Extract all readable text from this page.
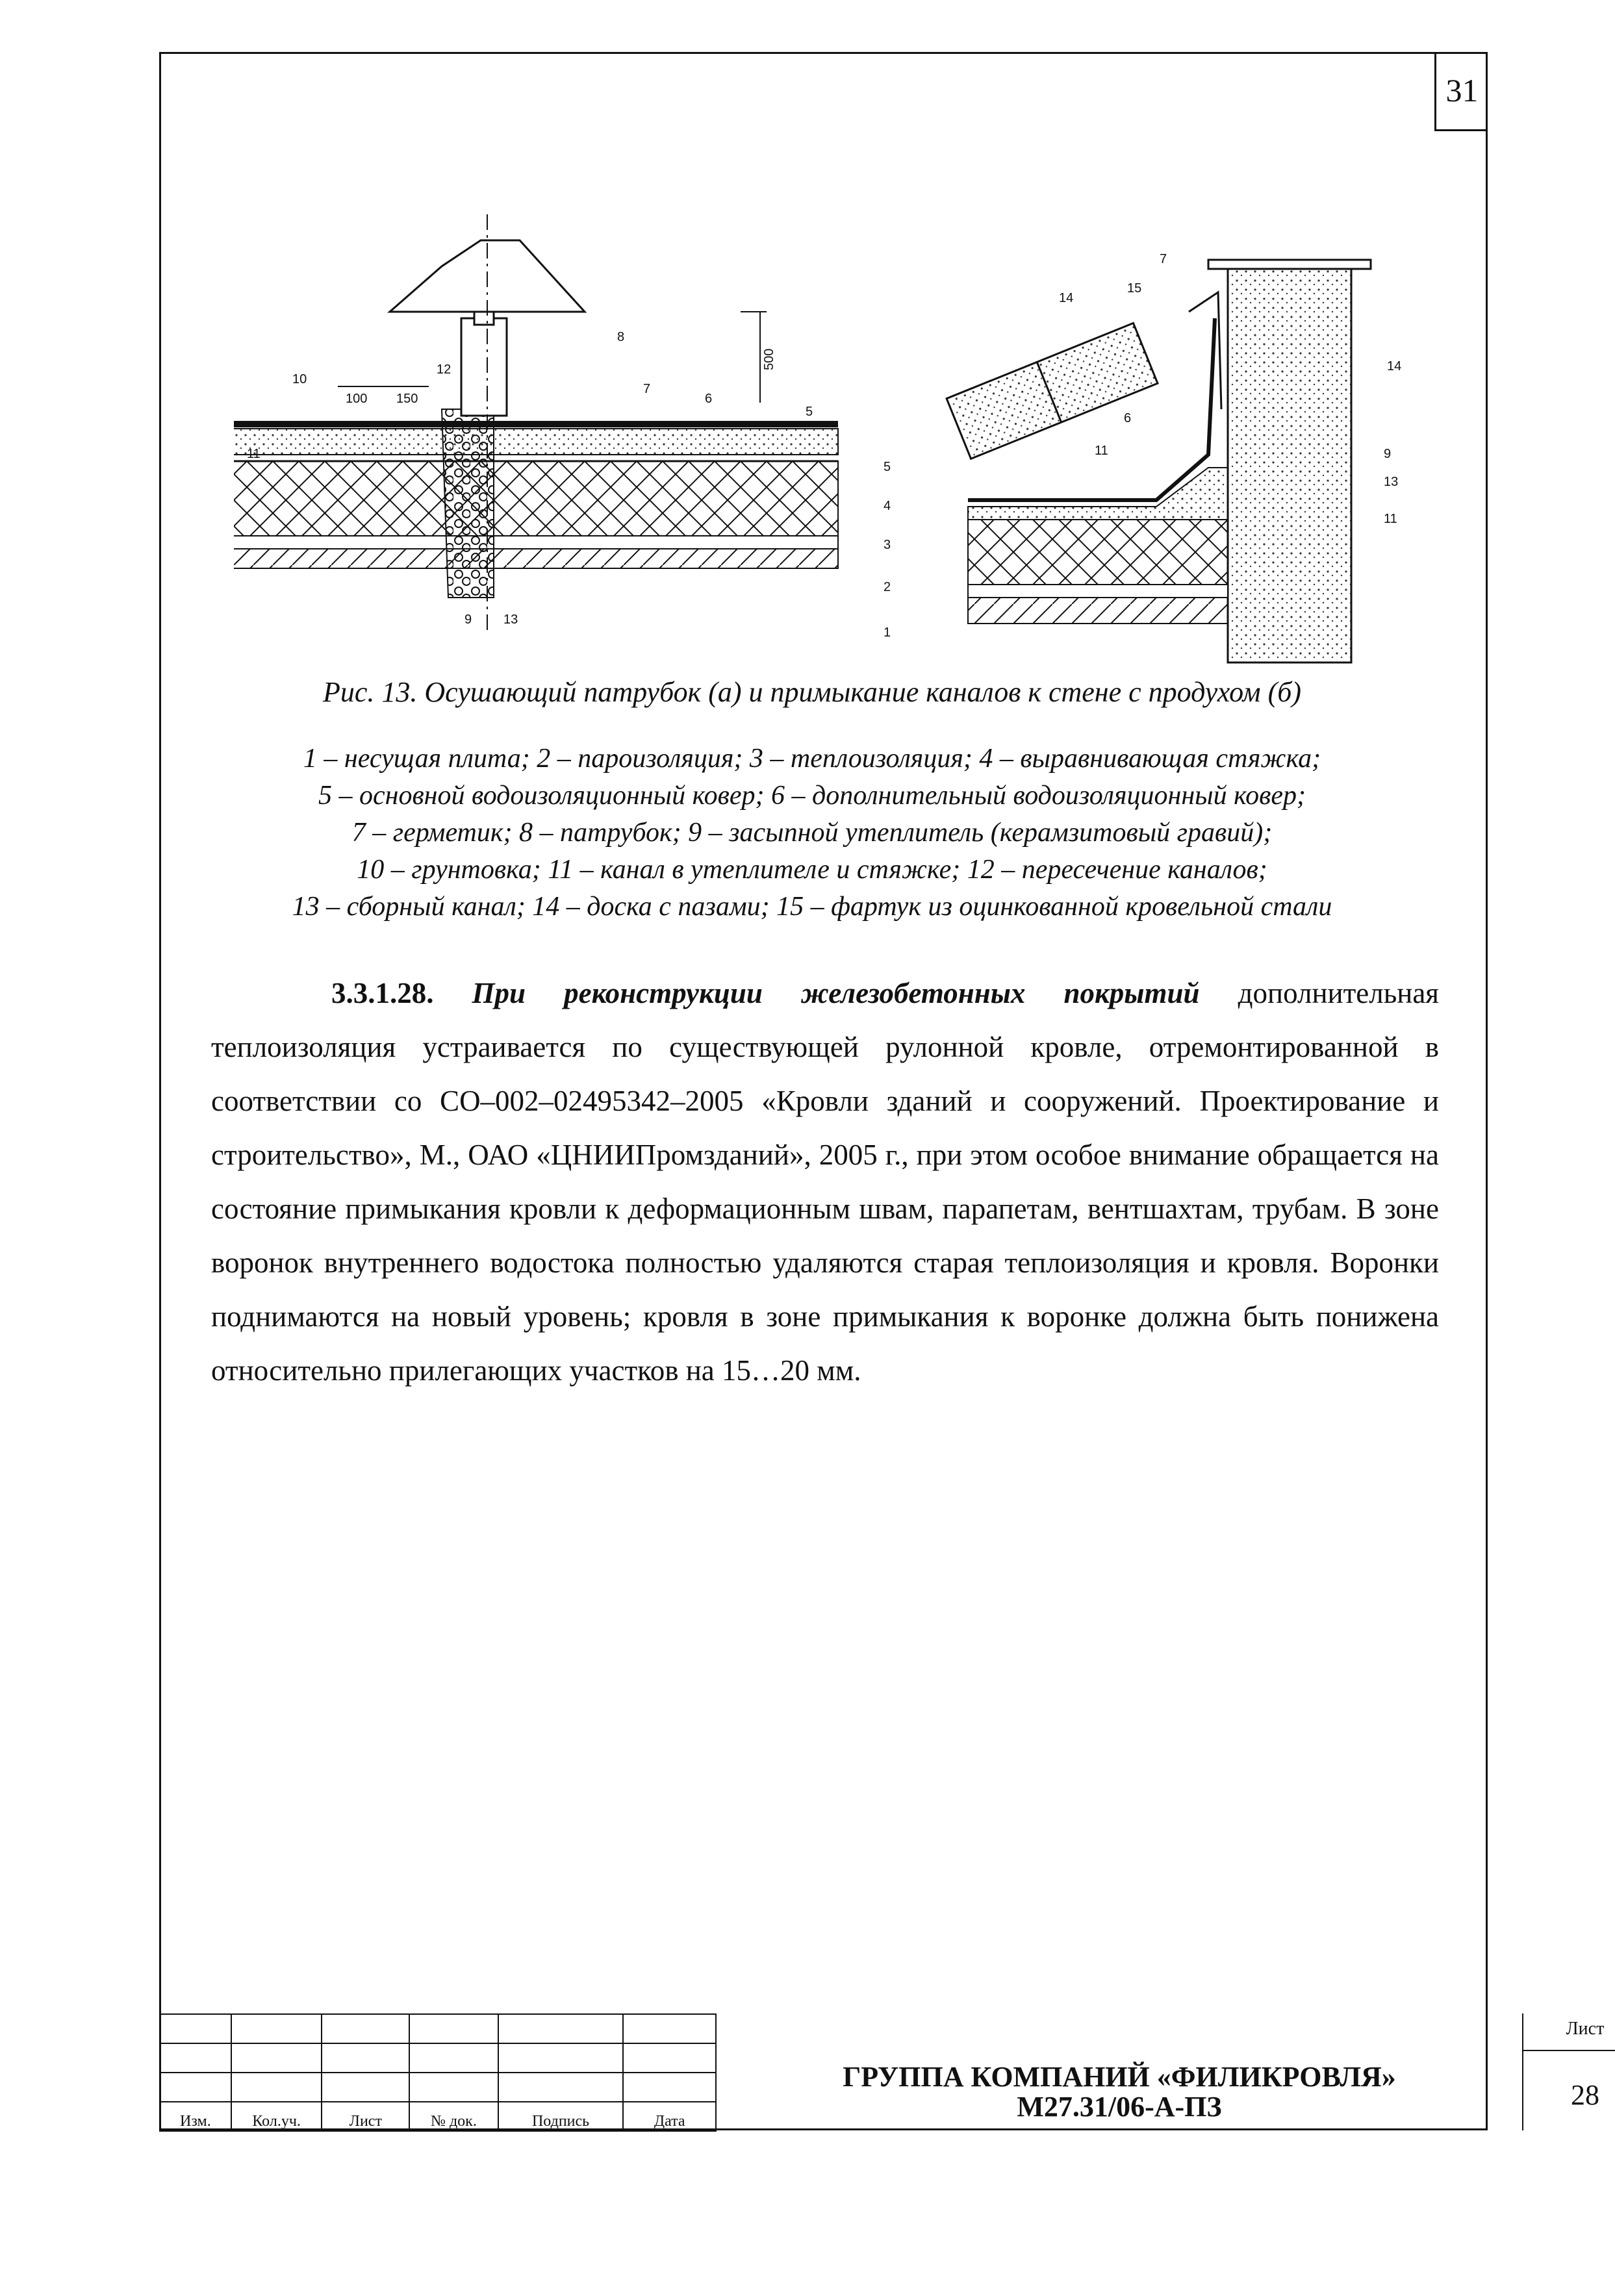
31
10
100 150
12
8
7
6
500
5
11
9 13
7
15
14
14
6
9
11
13
11
5
4
3
2
1
Рис. 13. Осушающий патрубок (а) и примыкание каналов к стене с продухом (б)
1 – несущая плита; 2 – пароизоляция; 3 – теплоизоляция; 4 – выравнивающая стяжка;
5 – основной водоизоляционный ковер; 6 – дополнительный водоизоляционный ковер;
7 – герметик; 8 – патрубок; 9 – засыпной утеплитель (керамзитовый гравий);
10 – грунтовка; 11 – канал в утеплителе и стяжке; 12 – пересечение каналов;
13 – сборный канал; 14 – доска с пазами; 15 – фартук из оцинкованной кровельной стали
3.3.1.28. При реконструкции железобетонных покрытий дополнительная теплоизоляция устраивается по существующей рулонной кровле, отремонтированной в соответствии со СО–002–02495342–2005 «Кровли зданий и сооружений. Проектирование и строительство», М., ОАО «ЦНИИПромзданий», 2005 г., при этом особое внимание обращается на состояние примыкания кровли к деформационным швам, парапетам, вентшахтам, трубам. В зоне воронок внутреннего водостока полностью удаляются старая теплоизоляция и кровля. Воронки поднимаются на новый уровень; кровля в зоне примыкания к воронке должна быть понижена относительно прилегающих участков на 15…20 мм.

Изм.	Кол.уч.	Лист	№ док.	Подпись	Дата
ГРУППА КОМПАНИЙ «ФИЛИКРОВЛЯ»
М27.31/06-А-ПЗ
Лист
28
